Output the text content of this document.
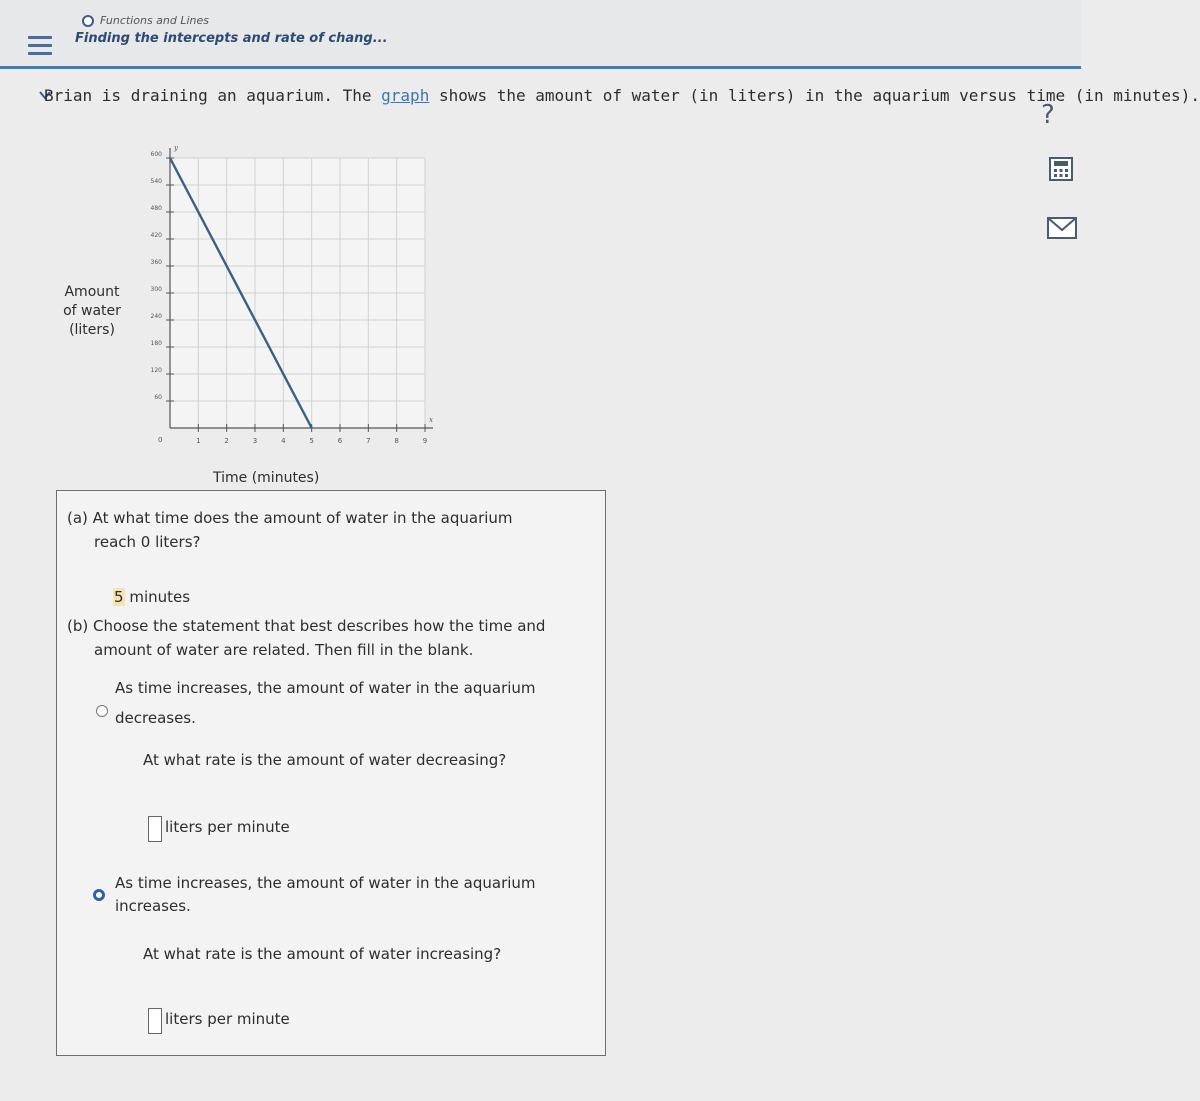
Functions and Lines
Finding the intercepts and rate of chang...
Brian is draining an aquarium. The graph shows the amount of water (in liters) in the aquarium versus time (in minutes).
?
Amount
of water
(liters)
1	2	3	4	5	6	7	8	9
60
120
180
240
300
360
420
480
540
600
0
y
x
Time (minutes)
(a) At what time does the amount of water in the aquarium
reach 0 liters?
5 minutes
(b) Choose the statement that best describes how the time and
amount of water are related. Then fill in the blank.
As time increases, the amount of water in the aquarium
decreases.
At what rate is the amount of water decreasing?
liters per minute
As time increases, the amount of water in the aquarium
increases.
At what rate is the amount of water increasing?
liters per minute
